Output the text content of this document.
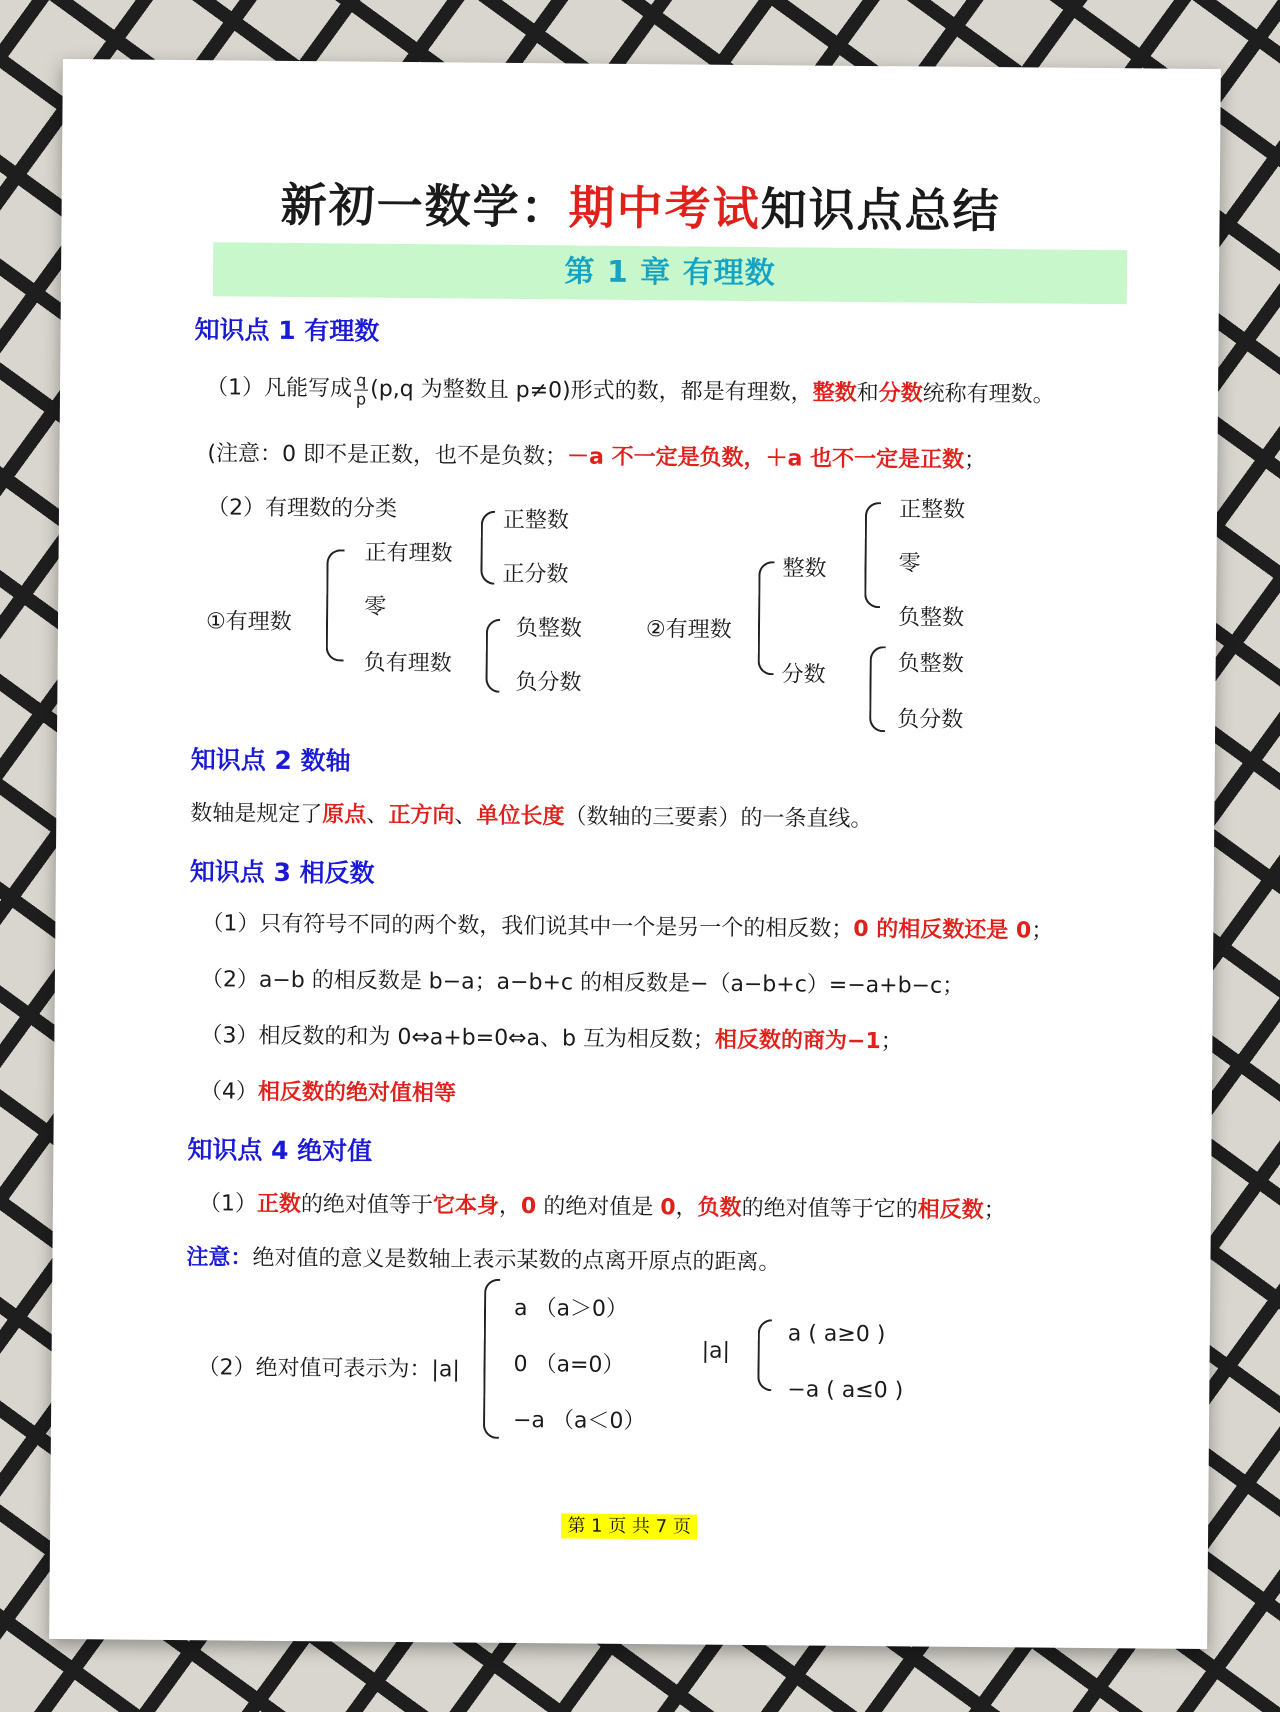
新初一数学：期中考试知识点总结
第 1 章 有理数
知识点 1 有理数
（1）凡能写成 $\frac{q}{p} (p,q$ 为整数且 p≠0)形式的数，都是有理数，整数和分数统称有理数。
(注意：0 即不是正数，也不是负数；－a 不一定是负数，＋a 也不一定是正数；
（2）有理数的分类
①有理数
正有理数
零
负有理数
正整数
正分数
负整数
负分数
②有理数
整数
分数
正整数
零
负整数
负整数
负分数
知识点 2 数轴
数轴是规定了原点、正方向、单位长度（数轴的三要素）的一条直线。
知识点 3 相反数
（1）只有符号不同的两个数，我们说其中一个是另一个的相反数；0 的相反数还是 0；
（2）a−b 的相反数是 b−a；a−b+c 的相反数是−（a−b+c）=−a+b−c；
（3）相反数的和为 0⇔a+b=0⇔a、b 互为相反数；相反数的商为−1；
（4）相反数的绝对值相等
知识点 4 绝对值
（1）正数的绝对值等于它本身，0 的绝对值是 0，负数的绝对值等于它的相反数；
注意：绝对值的意义是数轴上表示某数的点离开原点的距离。
（2）绝对值可表示为：|a|
a （a＞0）
0 （a=0）
−a （a＜0）
|a|
a ( a≥0 )
−a ( a≤0 )
第 1 页 共 7 页
